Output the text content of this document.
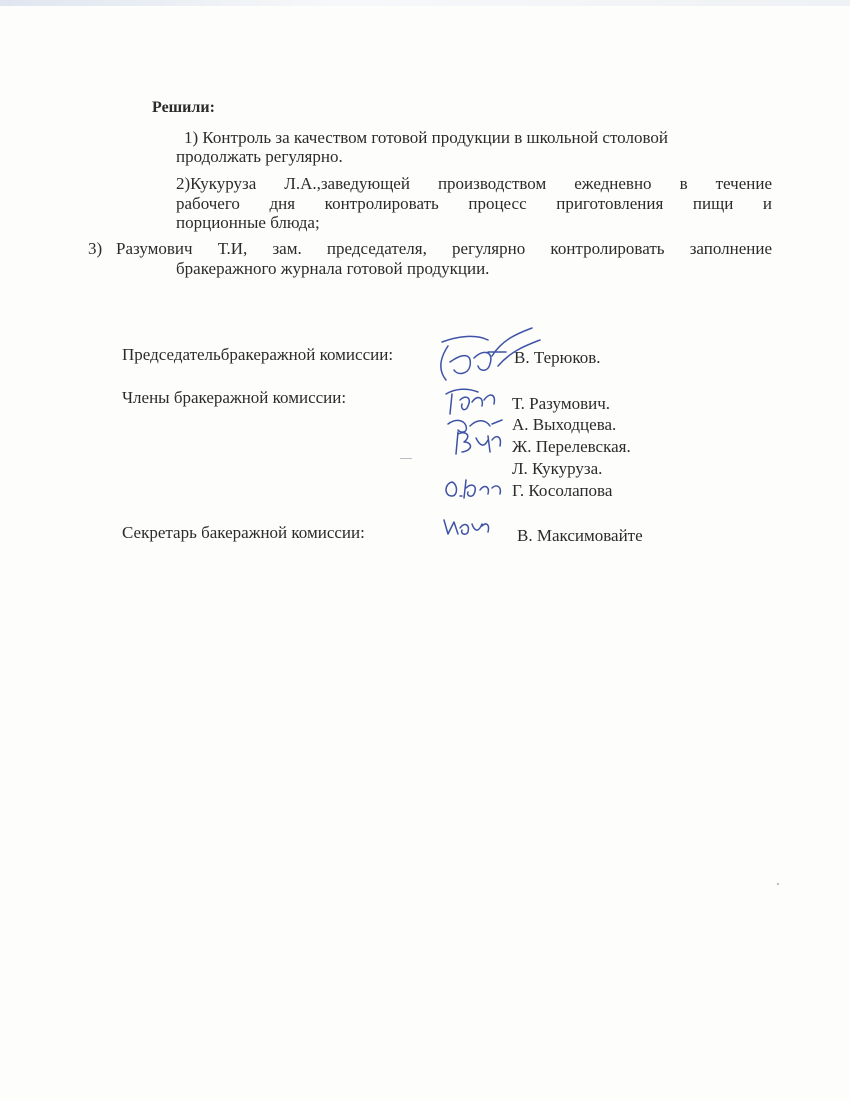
Решили:
1) Контроль за качеством готовой продукции в школьной столовой
продолжать регулярно.
2)Кукуруза Л.А.,заведующей производством ежедневно в течение
рабочего дня контролировать процесс приготовления пищи и
порционные блюда;
3) Разумович Т.И, зам. председателя, регулярно контролировать заполнение
бракеражного журнала готовой продукции.
Председательбракеражной комиссии:	В. Терюков.
Члены бракеражной комиссии:	Т. Разумович.
А. Выходцева.
Ж. Перелевская.
Л. Кукуруза.
Г. Косолапова
Секретарь бакеражной комиссии:	В. Максимовайте
